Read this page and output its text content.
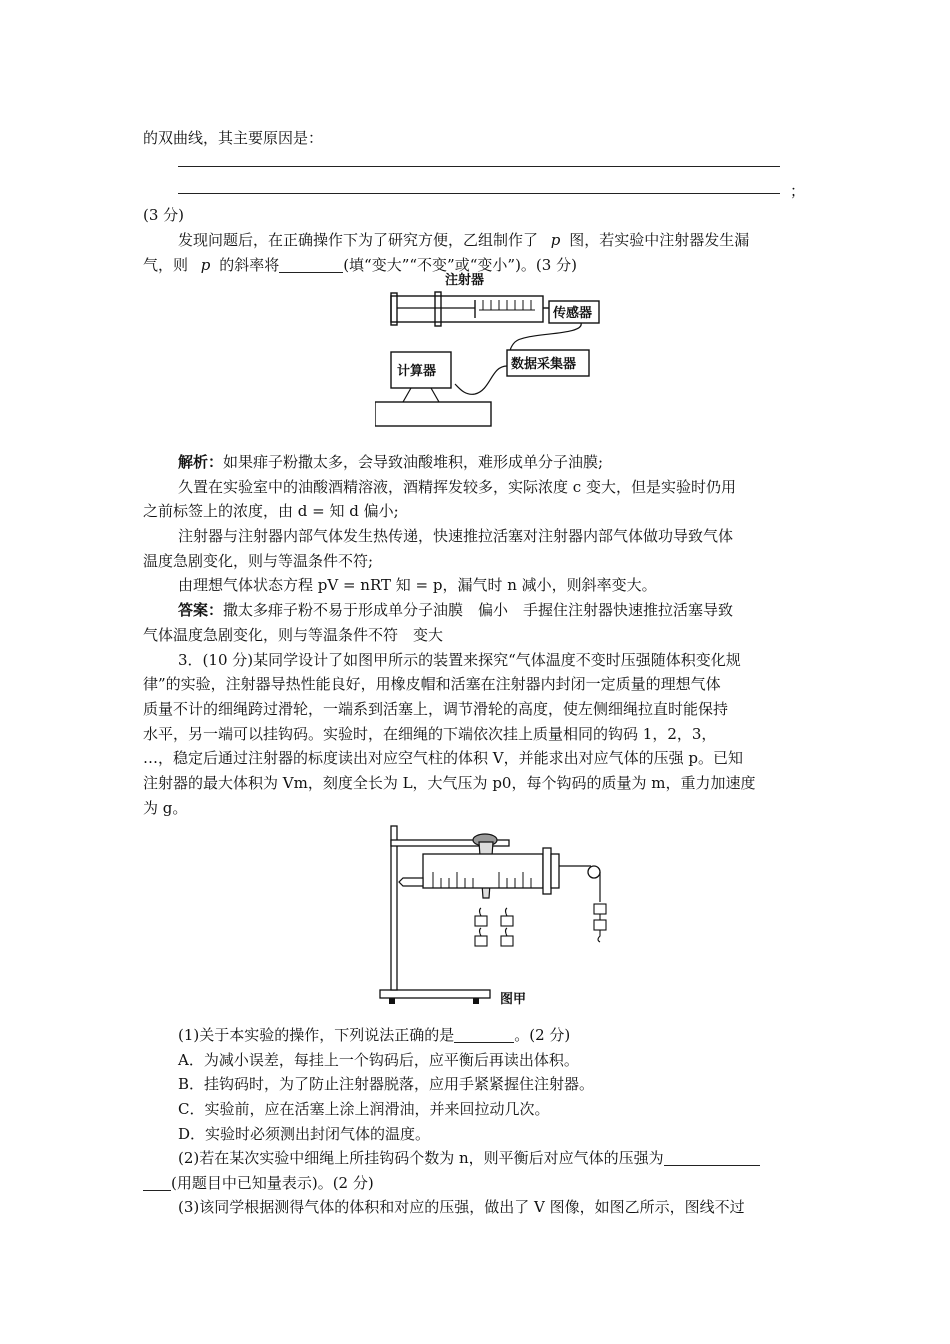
的双曲线，其主要原因是：
；
(3 分)
发现问题后，在正确操作下为了研究方便，乙组制作了 p 图，若实验中注射器发生漏
气，则 p 的斜率将	(填“变大”“不变”或“变小”)。(3 分)
注射器
传感器
数据采集器
计算器
解析：如果痱子粉撒太多，会导致油酸堆积，难形成单分子油膜;
久置在实验室中的油酸酒精溶液，酒精挥发较多，实际浓度 c 变大，但是实验时仍用
之前标签上的浓度，由 d = 知 d 偏小;
注射器与注射器内部气体发生热传递，快速推拉活塞对注射器内部气体做功导致气体
温度急剧变化，则与等温条件不符;
由理想气体状态方程 pV = nRT 知 = p，漏气时 n 减小，则斜率变大。
答案：撒太多痱子粉不易于形成单分子油膜　偏小　手握住注射器快速推拉活塞导致
气体温度急剧变化，则与等温条件不符　变大
3．(10 分)某同学设计了如图甲所示的装置来探究“气体温度不变时压强随体积变化规
律”的实验，注射器导热性能良好，用橡皮帽和活塞在注射器内封闭一定质量的理想气体
质量不计的细绳跨过滑轮，一端系到活塞上，调节滑轮的高度，使左侧细绳拉直时能保持
水平，另一端可以挂钩码。实验时，在细绳的下端依次挂上质量相同的钩码 1，2，3，
…，稳定后通过注射器的标度读出对应空气柱的体积 V，并能求出对应气体的压强 p。已知
注射器的最大体积为 Vm，刻度全长为 L，大气压为 p0，每个钩码的质量为 m，重力加速度
为 g。
图甲
(1)关于本实验的操作，下列说法正确的是	。(2 分)
A．为减小误差，每挂上一个钩码后，应平衡后再读出体积。
B．挂钩码时，为了防止注射器脱落，应用手紧紧握住注射器。
C．实验前，应在活塞上涂上润滑油，并来回拉动几次。
D．实验时必须测出封闭气体的温度。
(2)若在某次实验中细绳上所挂钩码个数为 n，则平衡后对应气体的压强为
(用题目中已知量表示)。(2 分)
(3)该同学根据测得气体的体积和对应的压强，做出了 V 图像，如图乙所示，图线不过
